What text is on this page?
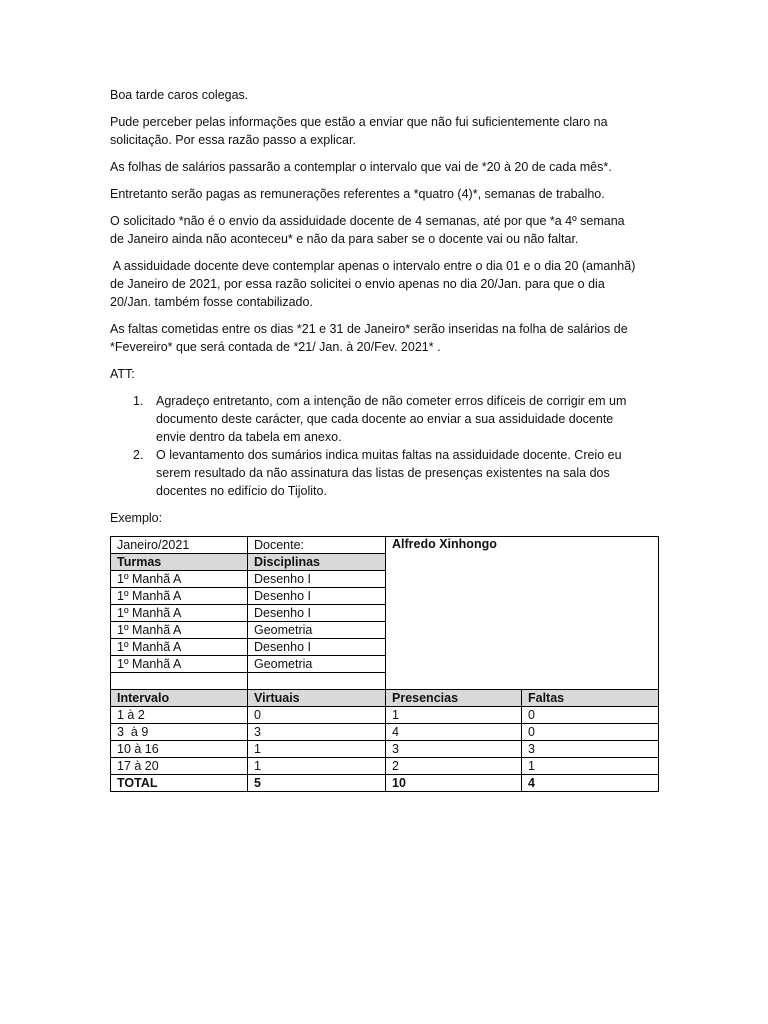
Boa tarde caros colegas.

Pude perceber pelas informações que estão a enviar que não fui suficientemente claro na
solicitação. Por essa razão passo a explicar.

As folhas de salários passarão a contemplar o intervalo que vai de *20 à 20 de cada mês*.

Entretanto serão pagas as remunerações referentes a *quatro (4)*, semanas de trabalho.

O solicitado *não é o envio da assiduidade docente de 4 semanas, até por que *a 4º semana
de Janeiro ainda não aconteceu* e não da para saber se o docente vai ou não faltar.

A assiduidade docente deve contemplar apenas o intervalo entre o dia 01 e o dia 20 (amanhã)
de Janeiro de 2021, por essa razão solicitei o envio apenas no dia 20/Jan. para que o dia
20/Jan. também fosse contabilizado.

As faltas cometidas entre os dias *21 e 31 de Janeiro* serão inseridas na folha de salários de
*Fevereiro* que será contada de *21/ Jan. à 20/Fev. 2021* .

ATT:

1. Agradeço entretanto, com a intenção de não cometer erros difíceis de corrigir em um
documento deste carácter, que cada docente ao enviar a sua assiduidade docente
envie dentro da tabela em anexo.
2. O levantamento dos sumários indica muitas faltas na assiduidade docente. Creio eu
serem resultado da não assinatura das listas de presenças existentes na sala dos
docentes no edifício do Tijolito.

Exemplo:

Janeiro/2021	Docente:	Alfredo Xinhongo	
Turmas	Disciplinas		
1º Manhã A	Desenho I		
1º Manhã A	Desenho I		
1º Manhã A	Desenho I		
1º Manhã A	Geometria		
1º Manhã A	Desenho I		
1º Manhã A	Geometria		

Intervalo	Virtuais	Presencias	Faltas
1 à 2	0	1	0
3  à 9	3	4	0
10 à 16	1	3	3
17 à 20	1	2	1
TOTAL	5	10	4
